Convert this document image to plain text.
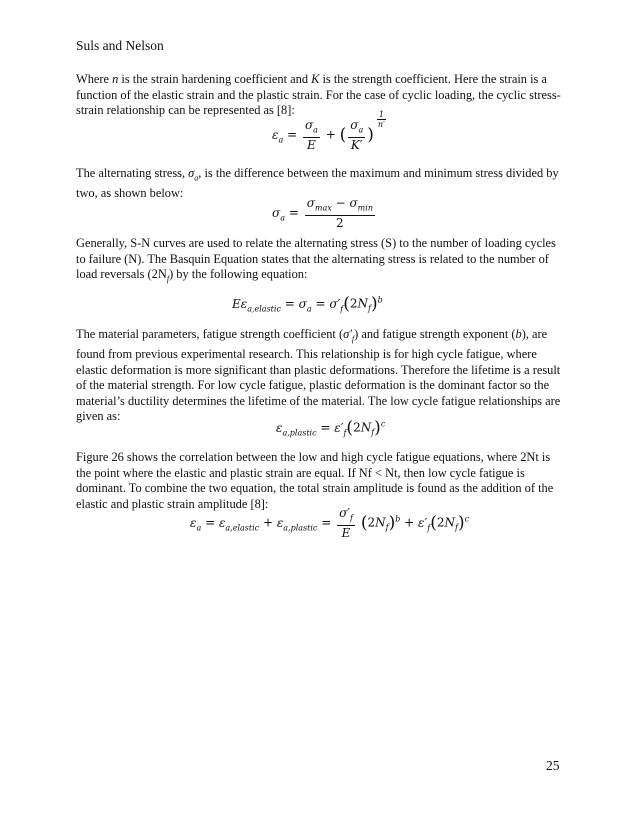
Suls and Nelson
Where n is the strain hardening coefficient and K is the strength coefficient. Here the strain is a function of the elastic strain and the plastic strain. For the case of cyclic loading, the cyclic stress-strain relationship can be represented as [8]:
$\varepsilon_a = \frac{\sigma_a}{E}$ + ( $\frac{\sigma_a}{K'}$ )
$^{\frac{1}{n'}}$
The alternating stress, $\sigma_a$, is the difference between the maximum and minimum stress divided by two, as shown below:
$\sigma_a = \frac{\sigma_{max} - \sigma_{min}}{2}$
Generally, S-N curves are used to relate the alternating stress (S) to the number of loading cycles to failure (N). The Basquin Equation states that the alternating stress is related to the number of load reversals $(2N_f)$ by the following equation:
$E\varepsilon_{a,elastic} = \sigma_a = \sigma'_f(2N_f)^b$
The material parameters, fatigue strength coefficient $(\sigma'_f)$ and fatigue strength exponent (b), are found from previous experimental research. This relationship is for high cycle fatigue, where elastic deformation is more significant than plastic deformations. Therefore the lifetime is a result of the material strength. For low cycle fatigue, plastic deformation is the dominant factor so the material’s ductility determines the lifetime of the material. The low cycle fatigue relationships are given as:
$\varepsilon_{a,plastic} = \varepsilon'_f(2N_f)^c$
Figure 26 shows the correlation between the low and high cycle fatigue equations, where 2Nt is the point where the elastic and plastic strain are equal. If Nf < Nt, then low cycle fatigue is dominant. To combine the two equation, the total strain amplitude is found as the addition of the elastic and plastic strain amplitude [8]:
$\varepsilon_a = \varepsilon_{a,elastic} + \varepsilon_{a,plastic} = \frac{\sigma'_f}{E} (2N_f)^b + \varepsilon'_f(2N_f)^c$
25
